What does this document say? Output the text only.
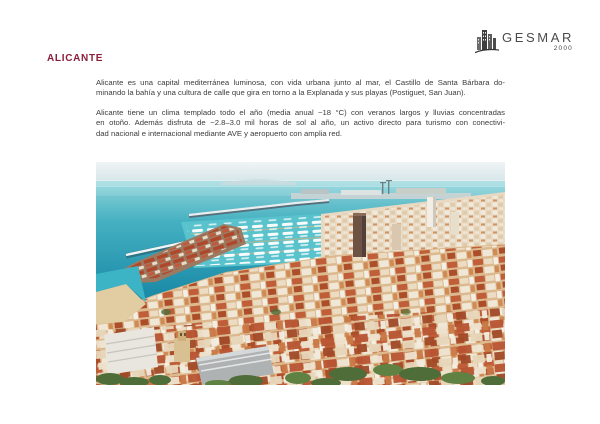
GESMAR
2000
ALICANTE
Alicante es una capital mediterránea luminosa, con vida urbana junto al mar, el Castillo de Santa Bárbara do-
minando la bahía y una cultura de calle que gira en torno a la Explanada y sus playas (Postiguet, San Juan).
Alicante tiene un clima templado todo el año (media anual ~18 °C) con veranos largos y lluvias concentradas
en otoño. Además disfruta de ~2.8–3.0 mil horas de sol al año, un activo directo para turismo con conectivi-
dad nacional e internacional mediante AVE y aeropuerto con amplia red.
